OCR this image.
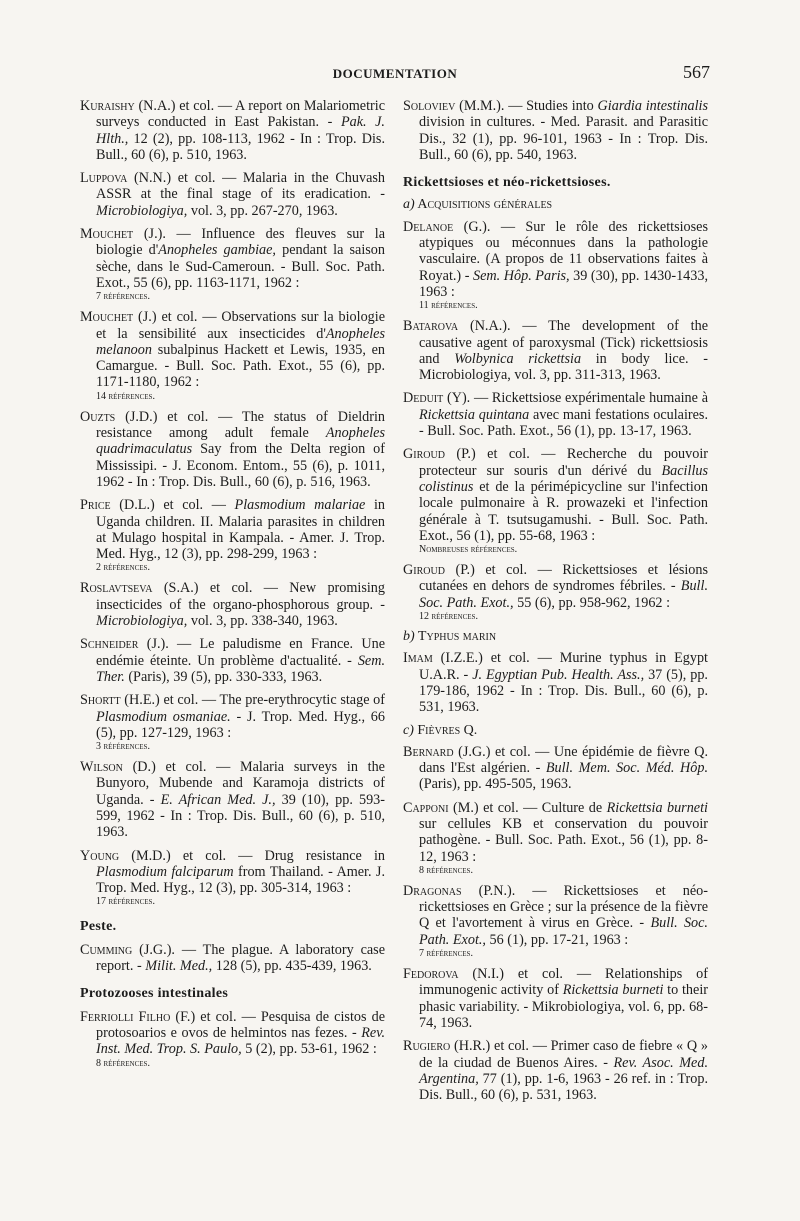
DOCUMENTATION	567

Kuraishy (N.A.) et col. — A report on Malariometric surveys conducted in East Pakistan. - Pak. J. Hlth., 12 (2), pp. 108-113, 1962 - In : Trop. Dis. Bull., 60 (6), p. 510, 1963.

Luppova (N.N.) et col. — Malaria in the Chuvash ASSR at the final stage of its eradication. - Microbiologiya, vol. 3, pp. 267-270, 1963.

Mouchet (J.). — Influence des fleuves sur la biologie d'Anopheles gambiae, pendant la saison sèche, dans le Sud-Cameroun. - Bull. Soc. Path. Exot., 55 (6), pp. 1163-1171, 1962 :
7 références.

Mouchet (J.) et col. — Observations sur la biologie et la sensibilité aux insecticides d'Anopheles melanoon subalpinus Hackett et Lewis, 1935, en Camargue. - Bull. Soc. Path. Exot., 55 (6), pp. 1171-1180, 1962 :
14 références.

Ouzts (J.D.) et col. — The status of Dieldrin resistance among adult female Anopheles quadrimaculatus Say from the Delta region of Mississipi. - J. Econom. Entom., 55 (6), p. 1011, 1962 - In : Trop. Dis. Bull., 60 (6), p. 516, 1963.

Price (D.L.) et col. — Plasmodium malariae in Uganda children. II. Malaria parasites in children at Mulago hospital in Kampala. - Amer. J. Trop. Med. Hyg., 12 (3), pp. 298-299, 1963 :
2 références.

Roslavtseva (S.A.) et col. — New promising insecticides of the organo-phosphorous group. - Microbiologiya, vol. 3, pp. 338-340, 1963.

Schneider (J.). — Le paludisme en France. Une endémie éteinte. Un problème d'actualité. - Sem. Ther. (Paris), 39 (5), pp. 330-333, 1963.

Shortt (H.E.) et col. — The pre-erythrocytic stage of Plasmodium osmaniae. - J. Trop. Med. Hyg., 66 (5), pp. 127-129, 1963 :
3 références.

Wilson (D.) et col. — Malaria surveys in the Bunyoro, Mubende and Karamoja districts of Uganda. - E. African Med. J., 39 (10), pp. 593-599, 1962 - In : Trop. Dis. Bull., 60 (6), p. 510, 1963.

Young (M.D.) et col. — Drug resistance in Plasmodium falciparum from Thailand. - Amer. J. Trop. Med. Hyg., 12 (3), pp. 305-314, 1963 :
17 références.

Peste.

Cumming (J.G.). — The plague. A laboratory case report. - Milit. Med., 128 (5), pp. 435-439, 1963.

Protozooses intestinales

Ferriolli Filho (F.) et col. — Pesquisa de cistos de protosoarios e ovos de helmintos nas fezes. - Rev. Inst. Med. Trop. S. Paulo, 5 (2), pp. 53-61, 1962 :
8 références.

Soloviev (M.M.). — Studies into Giardia intestinalis division in cultures. - Med. Parasit. and Parasitic Dis., 32 (1), pp. 96-101, 1963 - In : Trop. Dis. Bull., 60 (6), pp. 540, 1963.

Rickettsioses et néo-rickettsioses.
a) Acquisitions générales

Delanoe (G.). — Sur le rôle des rickettsioses atypiques ou méconnues dans la pathologie vasculaire. (A propos de 11 observations faites à Royat.) - Sem. Hôp. Paris, 39 (30), pp. 1430-1433, 1963 :
11 références.

Batarova (N.A.). — The development of the causative agent of paroxysmal (Tick) rickettsiosis and Wolbynica rickettsia in body lice. - Microbiologiya, vol. 3, pp. 311-313, 1963.

Deduit (Y). — Rickettsiose expérimentale humaine à Rickettsia quintana avec mani festations oculaires. - Bull. Soc. Path. Exot., 56 (1), pp. 13-17, 1963.

Giroud (P.) et col. — Recherche du pouvoir protecteur sur souris d'un dérivé du Bacillus colistinus et de la périmépicycline sur l'infection locale pulmonaire à R. prowazeki et l'infection générale à T. tsutsugamushi. - Bull. Soc. Path. Exot., 56 (1), pp. 55-68, 1963 :
Nombreuses références.

Giroud (P.) et col. — Rickettsioses et lésions cutanées en dehors de syndromes fébriles. - Bull. Soc. Path. Exot., 55 (6), pp. 958-962, 1962 :
12 références.

b) Typhus marin

Imam (I.Z.E.) et col. — Murine typhus in Egypt U.A.R. - J. Egyptian Pub. Health. Ass., 37 (5), pp. 179-186, 1962 - In : Trop. Dis. Bull., 60 (6), p. 531, 1963.

c) Fièvres Q.

Bernard (J.G.) et col. — Une épidémie de fièvre Q. dans l'Est algérien. - Bull. Mem. Soc. Méd. Hôp. (Paris), pp. 495-505, 1963.

Capponi (M.) et col. — Culture de Rickettsia burneti sur cellules KB et conservation du pouvoir pathogène. - Bull. Soc. Path. Exot., 56 (1), pp. 8-12, 1963 :
8 références.

Dragonas (P.N.). — Rickettsioses et néo-rickettsioses en Grèce ; sur la présence de la fièvre Q et l'avortement à virus en Grèce. - Bull. Soc. Path. Exot., 56 (1), pp. 17-21, 1963 :
7 références.

Fedorova (N.I.) et col. — Relationships of immunogenic activity of Rickettsia burneti to their phasic variability. - Mikrobiologiya, vol. 6, pp. 68-74, 1963.

Rugiero (H.R.) et col. — Primer caso de fiebre « Q » de la ciudad de Buenos Aires. - Rev. Asoc. Med. Argentina, 77 (1), pp. 1-6, 1963 - 26 ref. in : Trop. Dis. Bull., 60 (6), p. 531, 1963.
